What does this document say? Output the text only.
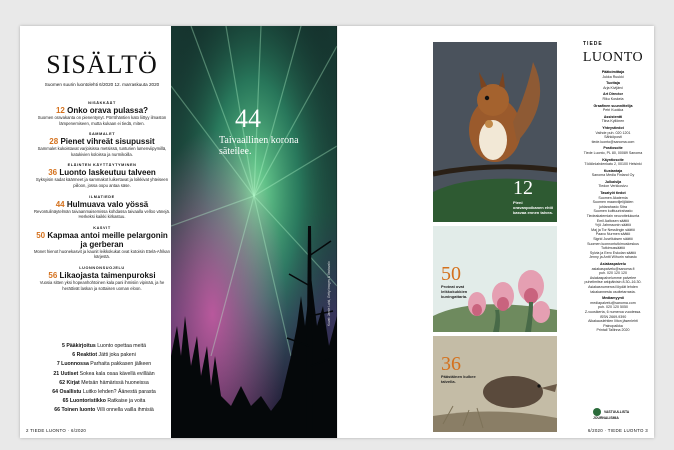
SISÄLTÖ
Suomen suurin luontolehti 6/2020 12. marraskuuta 2020
NISÄKKÄÄT
12 Onko orava pulassa?
Suomen oravakanta on pienentynyt. Pörröhäntien kato liittyy ilmaston lämpenemiseen, mutta kukaan ei tiedä, miten.
SAMMALET
28 Pienet vihreät sisupussit
Sammalet kukoistavat varjoisissa metsissä, tunturien lumenviipymillä, katukivien koloissa ja nurmikoilla.
ELÄINTEN KÄYTTÄYTYMINEN
36 Luonto laskeutuu talveen
Syksyisin sadat käärmeet ja sammakot luikertavat ja loikkivat yhteiseen piiloon, jossa oopu antaa säse.
ILMATIEDE
44 Hulmuava valo yössä
Revontulinäytelmän taivaanmaisemissa kohdassa taivaalla velloo vänejä. Herkeksi kaikki kirkastuu.
KASVIT
50 Kapmaa antoi meille pelargonin ja gerberan
Monet hienot huonekasvit ja kaunit leikkokukat ovat kotoisin Etelä-Afrikan kärjestä.
LUONNONSUOJELU
56 Likaojasta taimenpuroksi
Vuosia sitten yksi hopeanhohtoinen kala pani ihmisiin vipinää, ja he herättivät laskan ja sottaisen uoman eloon.
5 Pääkirjoitus Luonto opettaa meitä
6 Reaktiot Jätti joka pakeni
7 Luonnossa Parhaita pakkasen jälkeen
21 Uutiset Sokea kala osaa kävellä evillään
62 Kirjat Metsän hämärissä huoneissa
64 Osallistu Luitko lehden? Äänestä parasta
65 Luontoristikko Ratkaise ja voita
66 Toinen luonto Villi onnella vailla ihmisiä
2 TIEDE LUONTO · 6/2020
44
Taivaallinen korona säteilee.
Kuvat: Jamie Lahti, Getty Images & Vastavalo
12
Pieni oravanpoikanen ehtii kasvaa ennen talvea.
50
Proteat ovat leikkokukkien kuningattaria.
36
Päästäinen kulkee talvella.
TIEDE
LUONTO
Päätoimittaja
Jukka Ruukki
Tuottaja
Arja Kivijärvi
Art Director
Riku Koskela
Graafinen suunnittelija
Petri Kuokka
Assistentti
Tiina Kyllönen
Yhteystiedot
Vaihde puh. 020 1201
Sähköposti
tiede.luonto@sanoma.com
Postiosoite
Tiede Luonto, PL 80, 00089 Sanoma
Käyntiosoite
Töölönlahdenkatu 2, 00100 Helsinki
Kustantaja
Sanoma Media Finland Oy
Julkaisija
Tiedon Verkkosivu
Tasatyöt tiedot
Suomen Akatemia
Suomen maanviljelijöiden
juhlarahasto Sitra
Suomen kulttuurirahasto
Tiedeakatemiain neuvottelukunta
Emil Aaltosen säätiö
Yrjö Jahnssonin säätiö
Maj ja Tor Nesslingin säätiö
Paavo Nurmen säätiö
Sigrid Juséliuksen säätiö
Suomen luonnontutkimuskeskus
Tutkimussäätiö
Sylvia ja Eero Eskolan säätiö
Jenny ja Antti Wihurin rahasto
Asiakaspalvelu
asiakaspalvelu@sanoma.fi
puh. 020 120 120
Asiakaspalvelumme palvelee
puhelimitse arkipäivisin 8.30–16.30.
Asiakasnumerosi löydät lehden
takakannesta osoitetarrasta.
Mediamyynti
mediapalvelu@sanoma.com
puh. 020 120 5050
Z-vuosikerta, 6 numeroa vuodessa.
ISSN 2669-9390
Aikakauslehtien liiton jäsenlehti
Painopaikka
Printall Tallinna 2020
VASTUULLISTA JOURNALISMIA
6/2020 · TIEDE LUONTO 3
